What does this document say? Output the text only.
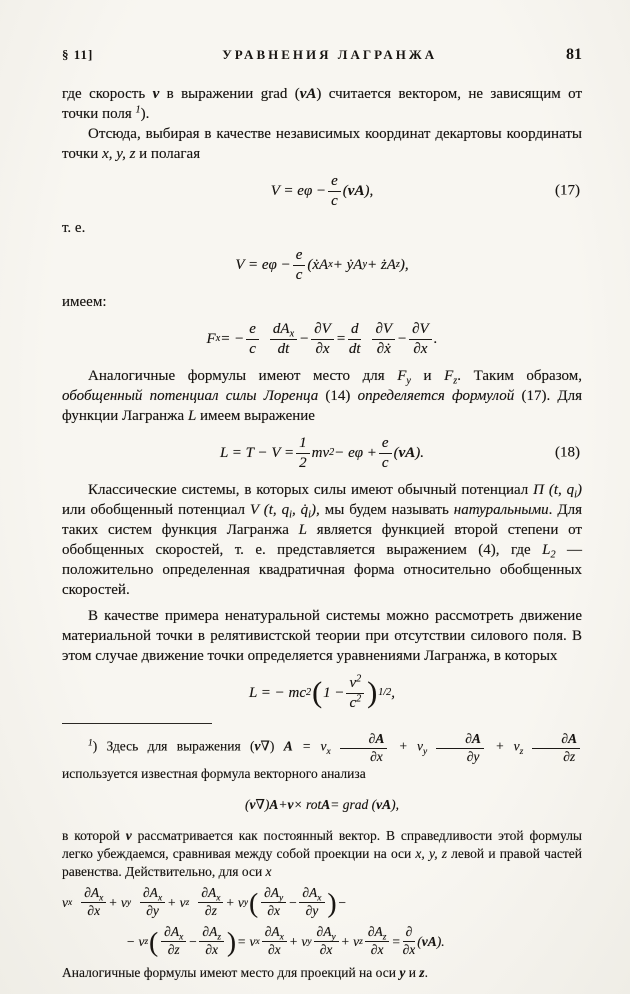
§ 11]	УРАВНЕНИЯ ЛАГРАНЖА	81
где скорость v в выражении grad (vA) считается вектором, не зависящим от точки поля $^1$).
Отсюда, выбирая в качестве независимых координат декартовы координаты точки x, y, z и полагая
$V = e\varphi - \frac{e}{c}$ ( vA ),	(17)
т. е.
$V = e\varphi - \frac{e}{c}$ (ẋA x + ẏA y + żA z ),
имеем:
F x = − $\frac{e}{c} \frac{dA_x}{dt} - \frac{\partial V}{\partial x} = \frac{d}{dt} \frac{\partial V}{\text{∂ẋ}} - \frac{\partial V}{\partial x}$ .
Аналогичные формулы имеют место для $F_y$ и $F_z$. Таким образом, обобщенный потенциал силы Лоренца (14) определяется формулой (17). Для функции Лагранжа L имеем выражение
$L = T - V = \frac{1}{2}$ mv $2 - e\varphi + \frac{e}{c}$ ( vA ).	(18)
Классические системы, в которых силы имеют обычный потенциал Π (t, $q_i$) или обобщенный потенциал V (t, $q_i$, $q̇_i$), мы будем называть натуральными. Для таких систем функция Лагранжа L является функцией второй степени от обобщенных скоростей, т. е. представляется выражением (4), где $L_2$ — положительно определенная квадратичная форма относительно обобщенных скоростей.
В качестве примера ненатуральной системы можно рассмотреть движение материальной точки в релятивистской теории при отсутствии силового поля. В этом случае движение точки определяется уравнениями Лагранжа, в которых
L = − mc 2 ( $1 - \frac{v^2}{c^2}$ ) 1/2 ,
$^1$) Здесь для выражения (v∇) $A = v_x \frac{\partial A}{\partial x} + v_y \frac{\partial A}{\partial y} + v_z \frac{\partial A}{\partial z}$
используется известная формула векторного анализа
( v ∇) A + v × rot A = grad ( vA ),
в которой v рассматривается как постоянный вектор. В справедливости этой формулы легко убеждаемся, сравнивая между собой проекции на оси x, y, z левой и правой частей равенства. Действительно, для оси x
v x $\frac{\partial A_x}{\partial x} + v$ y $\frac{\partial A_x}{\partial y} + v$ z $\frac{\partial A_x}{\partial z} + v$ y ( $\frac{\partial A_y}{\partial x} - \frac{\partial A_x}{\partial y}$ ) −
− v z ( $\frac{\partial A_x}{\partial z} - \frac{\partial A_z}{\partial x}$ ) = v x $\frac{\partial A_x}{\partial x} + v$ y $\frac{\partial A_y}{\partial x} + v$ z $\frac{\partial A_z}{\partial x} = \frac{\partial}{\partial x}$ ( vA ).
Аналогичные формулы имеют место для проекций на оси y и z.
